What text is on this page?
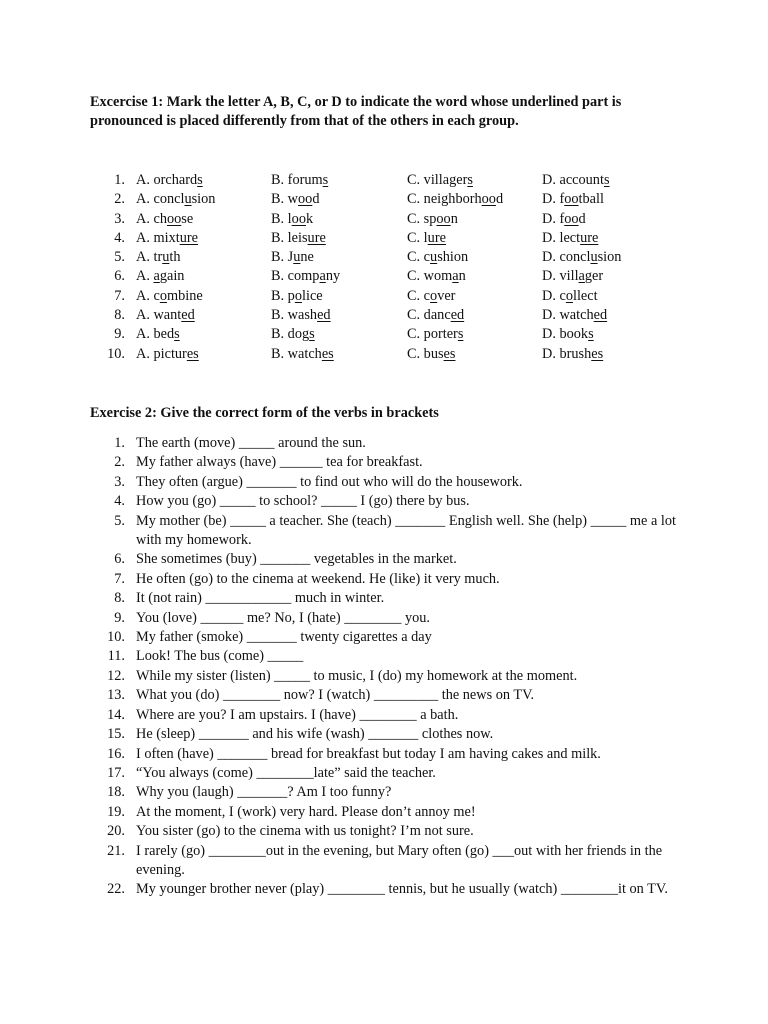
Excercise 1: Mark the letter A, B, C, or D to indicate the word whose underlined part is pronounced is placed differently from that of the others in each group.
1. A. orchards	B. forums	C. villagers	D. accounts
2. A. conclusion	B. wood	C. neighborhood	D. football
3. A. choose	B. look	C. spoon	D. food
4. A. mixture	B. leisure	C. lure	D. lecture
5. A. truth	B. June	C. cushion	D. conclusion
6. A. again	B. company	C. woman	D. villager
7. A. combine	B. police	C. cover	D. collect
8. A. wanted	B. washed	C. danced	D. watched
9. A. beds	B. dogs	C. porters	D. books
10. A. pictures	B. watches	C. buses	D. brushes
Exercise 2: Give the correct form of the verbs in brackets
1. The earth (move) _____ around the sun.
2. My father always (have) ______ tea for breakfast.
3. They often (argue) _______ to find out who will do the housework.
4. How you (go) _____ to school? _____ I (go) there by bus.
5. My mother (be) _____ a teacher. She (teach) _______ English well. She (help) _____ me a lot with my homework.
6. She sometimes (buy) _______ vegetables in the market.
7. He often (go) to the cinema at weekend. He (like) it very much.
8. It (not rain) ____________ much in winter.
9. You (love) ______ me? No, I (hate) ________ you.
10. My father (smoke) _______ twenty cigarettes a day
11. Look! The bus (come) _____
12. While my sister (listen) _____ to music, I (do) my homework at the moment.
13. What you (do) ________ now? I (watch) _________ the news on TV.
14. Where are you? I am upstairs. I (have) ________ a bath.
15. He (sleep) _______ and his wife (wash) _______ clothes now.
16. I often (have) _______ bread for breakfast but today I am having cakes and milk.
17. “You always (come) ________late” said the teacher.
18. Why you (laugh) _______? Am I too funny?
19. At the moment, I (work) very hard. Please don’t annoy me!
20. You sister (go) to the cinema with us tonight? I’m not sure.
21. I rarely (go) ________out in the evening, but Mary often (go) ___out with her friends in the evening.
22. My younger brother never (play) ________ tennis, but he usually (watch) ________it on TV.
